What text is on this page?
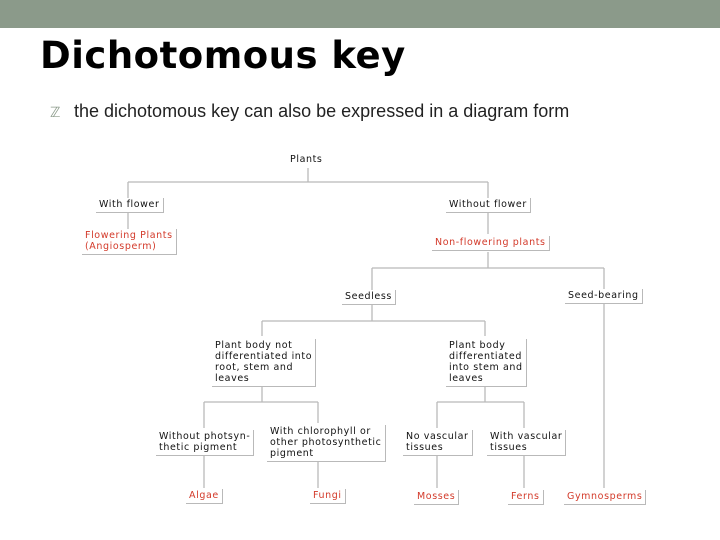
Dichotomous key
ℤ the dichotomous key can also be expressed in a diagram form
Plants
With flower	Without flower
Flowering Plants
(Angiosperm)	Non-flowering plants
Seedless	Seed-bearing
Plant body not
differentiated into
root, stem and
leaves
Plant body
differentiated
into stem and
leaves
Without photsyn-
thetic pigment
With chlorophyll or
other photosynthetic
pigment
No vascular
tissues
With vascular
tissues
Algae	Fungi	Mosses	Ferns	Gymnosperms
